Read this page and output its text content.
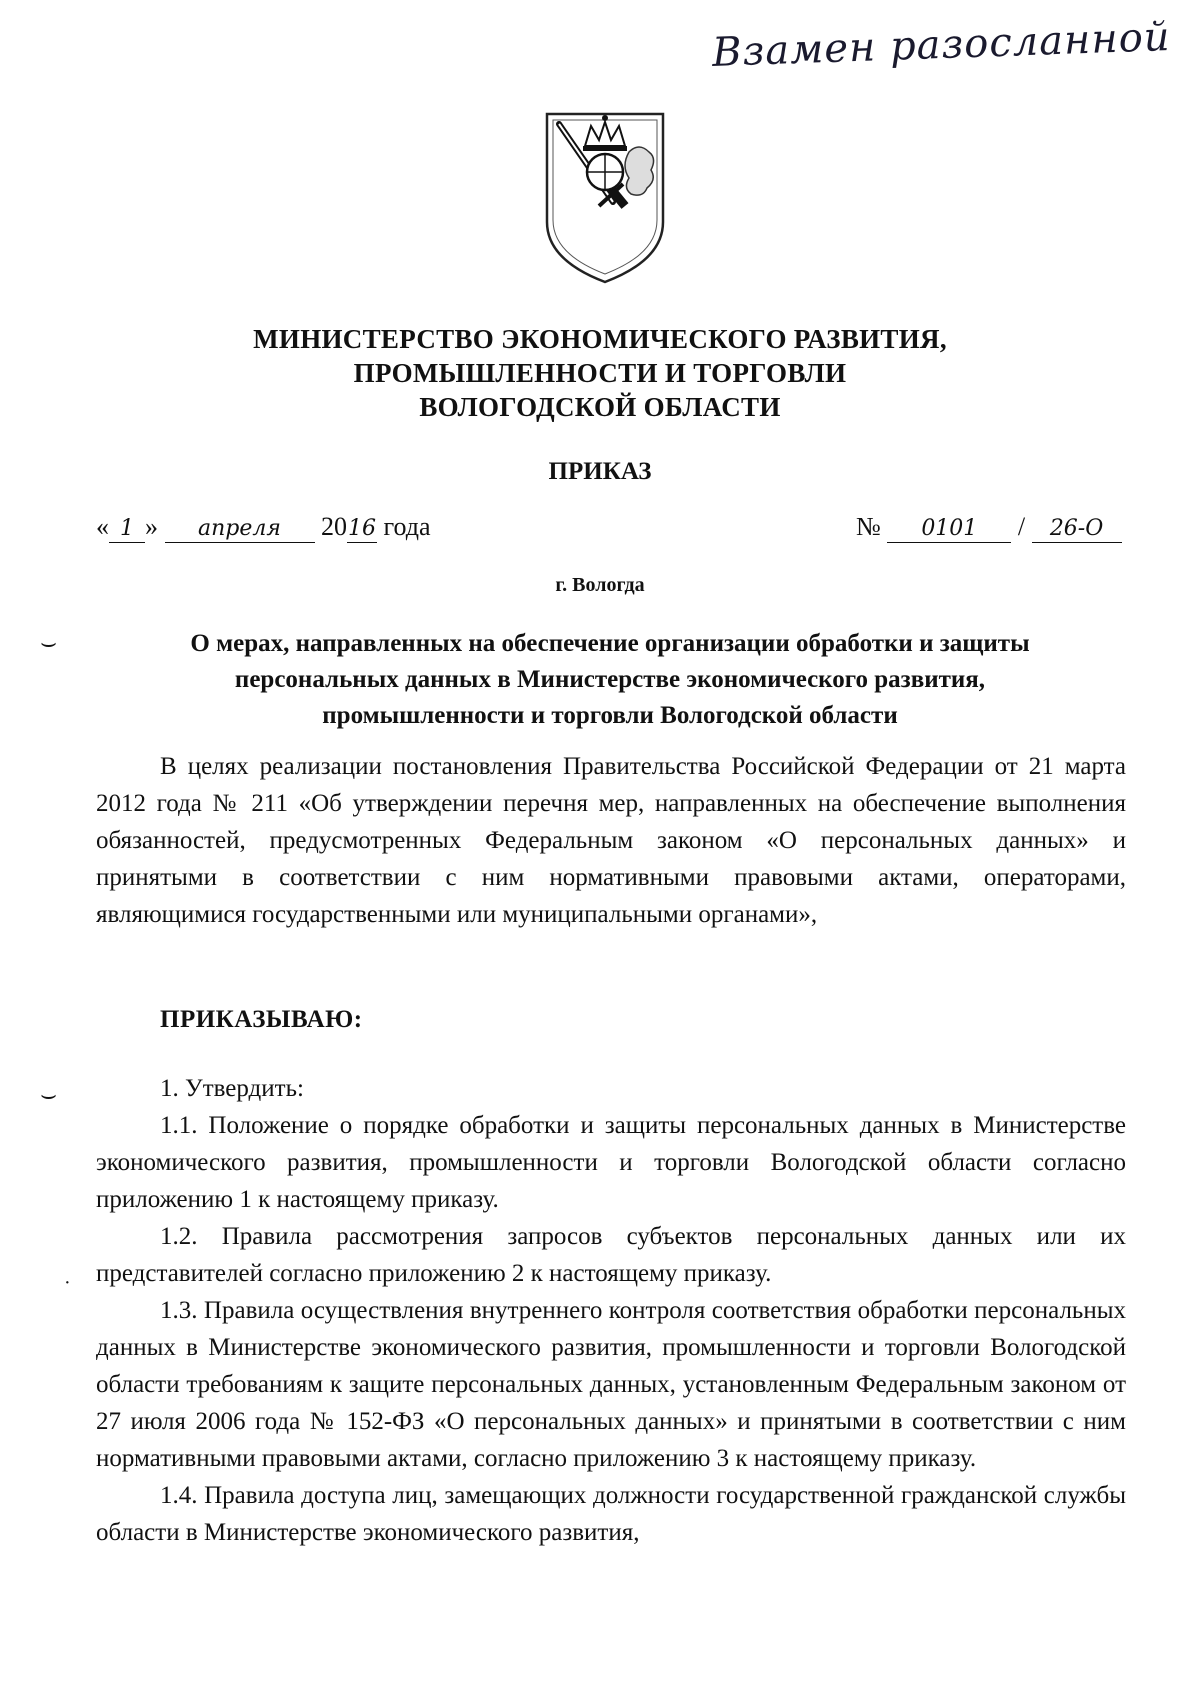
Взамен разосланной
МИНИСТЕРСТВО ЭКОНОМИЧЕСКОГО РАЗВИТИЯ,
ПРОМЫШЛЕННОСТИ И ТОРГОВЛИ
ВОЛОГОДСКОЙ ОБЛАСТИ
ПРИКАЗ
« 1 » апреля 2016 года	№ 0101 / 26-О
г. Вологда
⌣	О мерах, направленных на обеспечение организации обработки и защиты
персональных данных в Министерстве экономического развития,
промышленности и торговли Вологодской области
В целях реализации постановления Правительства Российской Федерации от 21 марта 2012 года № 211 «Об утверждении перечня мер, направленных на обеспечение выполнения обязанностей, предусмотренных Федеральным законом «О персональных данных» и принятыми в соответствии с ним нормативными правовыми актами, операторами, являющимися государственными или муниципальными органами»,
ПРИКАЗЫВАЮ:
⌣
·

1. Утвердить:

1.1. Положение о порядке обработки и защиты персональных данных в Министерстве экономического развития, промышленности и торговли Вологодской области согласно приложению 1 к настоящему приказу.

1.2. Правила рассмотрения запросов субъектов персональных данных или их представителей согласно приложению 2 к настоящему приказу.

1.3. Правила осуществления внутреннего контроля соответствия обработки персональных данных в Министерстве экономического развития, промышленности и торговли Вологодской области требованиям к защите персональных данных, установленным Федеральным законом от 27 июля 2006 года № 152-ФЗ «О персональных данных» и принятыми в соответствии с ним нормативными правовыми актами, согласно приложению 3 к настоящему приказу.

1.4. Правила доступа лиц, замещающих должности государственной гражданской службы области в Министерстве экономического развития,
